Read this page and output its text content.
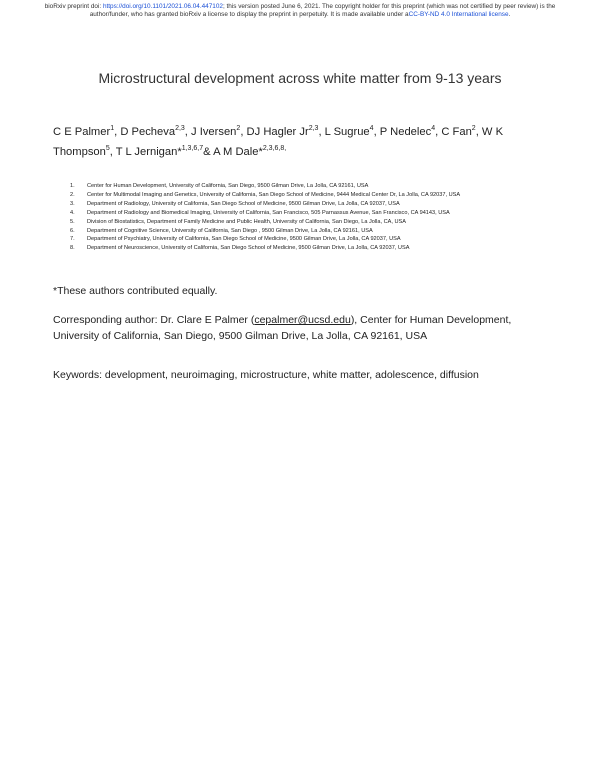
bioRxiv preprint doi: https://doi.org/10.1101/2021.06.04.447102; this version posted June 6, 2021. The copyright holder for this preprint (which was not certified by peer review) is the author/funder, who has granted bioRxiv a license to display the preprint in perpetuity. It is made available under aCC-BY-ND 4.0 International license.
Microstructural development across white matter from 9-13 years
C E Palmer$^1$, D Pecheva$^{2,3}$, J Iversen$^2$, DJ Hagler Jr$^{2,3}$, L Sugrue$^4$, P Nedelec$^4$, C Fan$^2$, W K Thompson$^5$, T L Jernigan*$^{1,3,6,7}$& A M Dale*$^{2,3,6,8,}$
1.	Center for Human Development, University of California, San Diego, 9500 Gilman Drive, La Jolla, CA 92161, USA
2.	Center for Multimodal Imaging and Genetics, University of California, San Diego School of Medicine, 9444 Medical Center Dr, La Jolla, CA 92037, USA
3.	Department of Radiology, University of California, San Diego School of Medicine, 9500 Gilman Drive, La Jolla, CA 92037, USA
4.	Department of Radiology and Biomedical Imaging, University of California, San Francisco, 505 Parnassus Avenue, San Francisco, CA 94143, USA
5.	Division of Biostatistics, Department of Family Medicine and Public Health, University of California, San Diego, La Jolla, CA, USA
6.	Department of Cognitive Science, University of California, San Diego , 9500 Gilman Drive, La Jolla, CA 92161, USA
7.	Department of Psychiatry, University of California, San Diego School of Medicine, 9500 Gilman Drive, La Jolla, CA 92037, USA
8.	Department of Neuroscience, University of California, San Diego School of Medicine, 9500 Gilman Drive, La Jolla, CA 92037, USA
*These authors contributed equally.
Corresponding author: Dr. Clare E Palmer (cepalmer@ucsd.edu), Center for Human Development, University of California, San Diego, 9500 Gilman Drive, La Jolla, CA 92161, USA
Keywords: development, neuroimaging, microstructure, white matter, adolescence, diffusion
